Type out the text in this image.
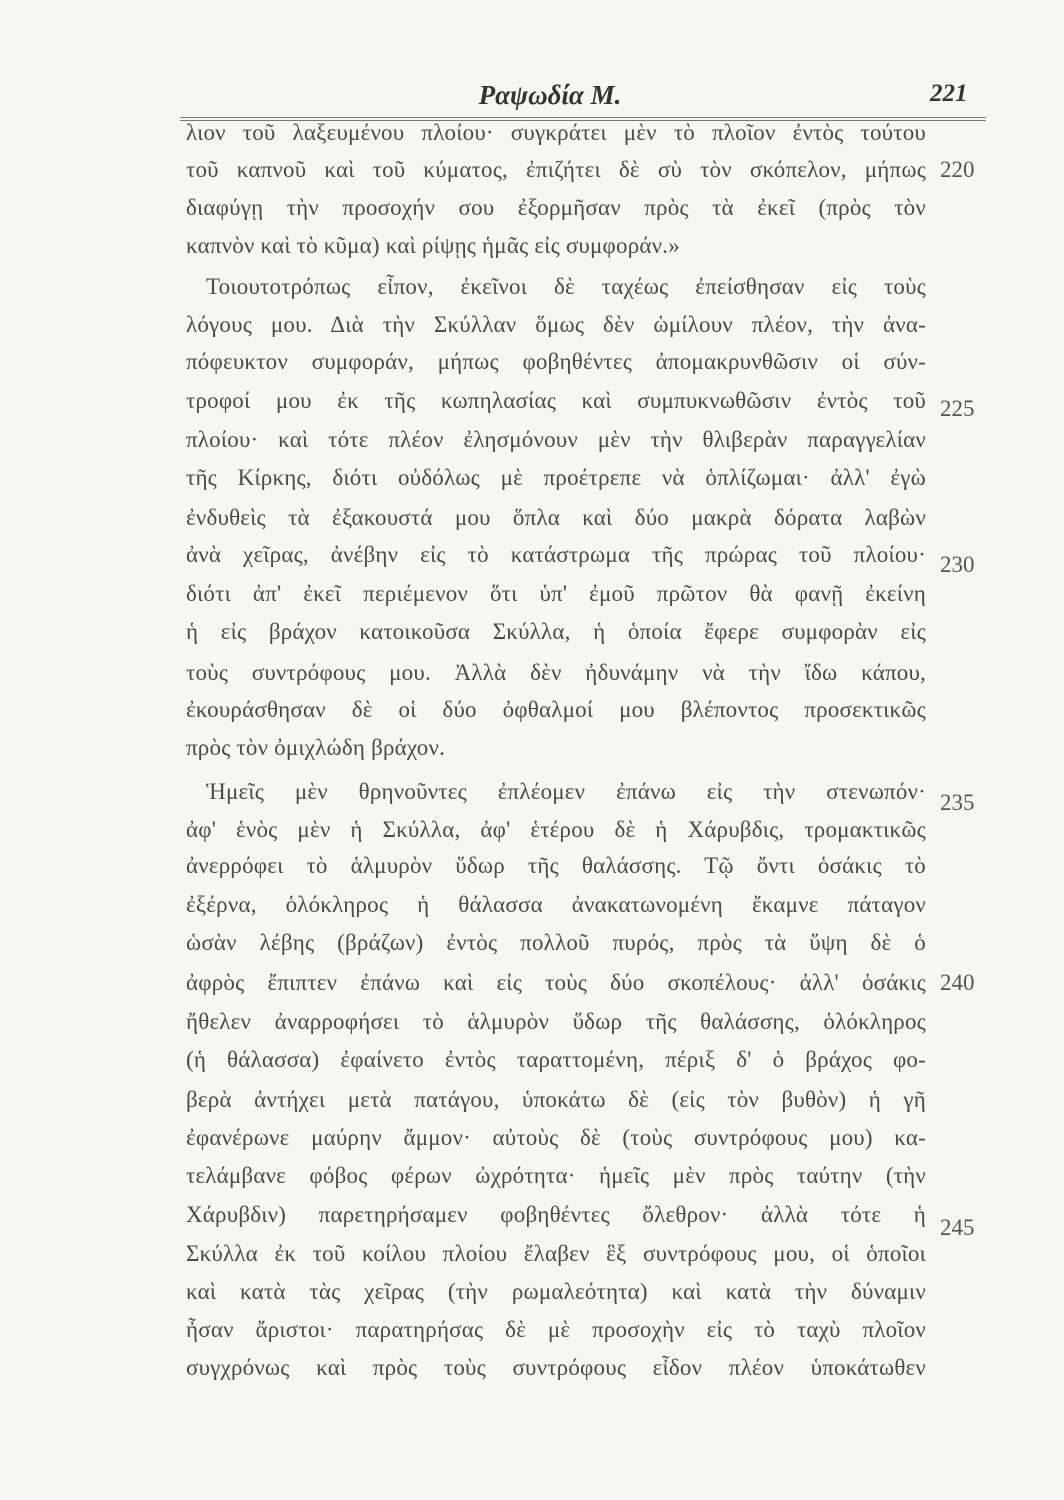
Ραψωδία Μ.	221
λιον τοῦ λαξευμένου πλοίου· συγκράτει μὲν τὸ πλοῖον ἐντὸς τούτου
τοῦ καπνοῦ καὶ τοῦ κύματος, ἐπιζήτει δὲ σὺ τὸν σκόπελον, μήπως
διαφύγῃ τὴν προσοχήν σου ἐξορμῆσαν πρὸς τὰ ἐκεῖ (πρὸς τὸν
καπνὸν καὶ τὸ κῦμα) καὶ ρίψῃς ἡμᾶς εἰς συμφοράν.»
Τοιουτοτρόπως εἶπον, ἐκεῖνοι δὲ ταχέως ἐπείσθησαν εἰς τοὺς
λόγους μου. Διὰ τὴν Σκύλλαν ὅμως δὲν ὡμίλουν πλέον, τὴν ἀνα-
πόφευκτον συμφοράν, μήπως φοβηθέντες ἀπομακρυνθῶσιν οἱ σύν-
τροφοί μου ἐκ τῆς κωπηλασίας καὶ συμπυκνωθῶσιν ἐντὸς τοῦ
πλοίου· καὶ τότε πλέον ἐλησμόνουν μὲν τὴν θλιβερὰν παραγγελίαν
τῆς Κίρκης, διότι οὐδόλως μὲ προέτρεπε νὰ ὁπλίζωμαι· ἀλλ' ἐγὼ
ἐνδυθεὶς τὰ ἐξακουστά μου ὅπλα καὶ δύο μακρὰ δόρατα λαβὼν
ἀνὰ χεῖρας, ἀνέβην εἰς τὸ κατάστρωμα τῆς πρώρας τοῦ πλοίου·
διότι ἀπ' ἐκεῖ περιέμενον ὅτι ὑπ' ἐμοῦ πρῶτον θὰ φανῇ ἐκείνη
ἡ εἰς βράχον κατοικοῦσα Σκύλλα, ἡ ὁποία ἔφερε συμφορὰν εἰς
τοὺς συντρόφους μου. Ἀλλὰ δὲν ἠδυνάμην νὰ τὴν ἴδω κάπου,
ἐκουράσθησαν δὲ οἱ δύο ὀφθαλμοί μου βλέποντος προσεκτικῶς
πρὸς τὸν ὀμιχλώδη βράχον.
Ἡμεῖς μὲν θρηνοῦντες ἐπλέομεν ἐπάνω εἰς τὴν στενωπόν·
ἀφ' ἑνὸς μὲν ἡ Σκύλλα, ἀφ' ἑτέρου δὲ ἡ Χάρυβδις, τρομακτικῶς
ἀνερρόφει τὸ ἁλμυρὸν ὕδωρ τῆς θαλάσσης. Τῷ ὄντι ὁσάκις τὸ
ἐξέρνα, ὁλόκληρος ἡ θάλασσα ἀνακατωνομένη ἔκαμνε πάταγον
ὡσὰν λέβης (βράζων) ἐντὸς πολλοῦ πυρός, πρὸς τὰ ὕψη δὲ ὁ
ἀφρὸς ἔπιπτεν ἐπάνω καὶ εἰς τοὺς δύο σκοπέλους· ἀλλ' ὁσάκις
ἤθελεν ἀναρροφήσει τὸ ἁλμυρὸν ὕδωρ τῆς θαλάσσης, ὁλόκληρος
(ἡ θάλασσα) ἐφαίνετο ἐντὸς ταραττομένη, πέριξ δ' ὁ βράχος φο-
βερὰ ἀντήχει μετὰ πατάγου, ὑποκάτω δὲ (εἰς τὸν βυθὸν) ἡ γῆ
ἐφανέρωνε μαύρην ἄμμον· αὐτοὺς δὲ (τοὺς συντρόφους μου) κα-
τελάμβανε φόβος φέρων ὠχρότητα· ἡμεῖς μὲν πρὸς ταύτην (τὴν
Χάρυβδιν) παρετηρήσαμεν φοβηθέντες ὄλεθρον· ἀλλὰ τότε ἡ
Σκύλλα ἐκ τοῦ κοίλου πλοίου ἔλαβεν ἓξ συντρόφους μου, οἱ ὁποῖοι
καὶ κατὰ τὰς χεῖρας (τὴν ρωμαλεότητα) καὶ κατὰ τὴν δύναμιν
ἦσαν ἄριστοι· παρατηρήσας δὲ μὲ προσοχὴν εἰς τὸ ταχὺ πλοῖον
συγχρόνως καὶ πρὸς τοὺς συντρόφους εἶδον πλέον ὑποκάτωθεν
220
225
230
235
240
245
